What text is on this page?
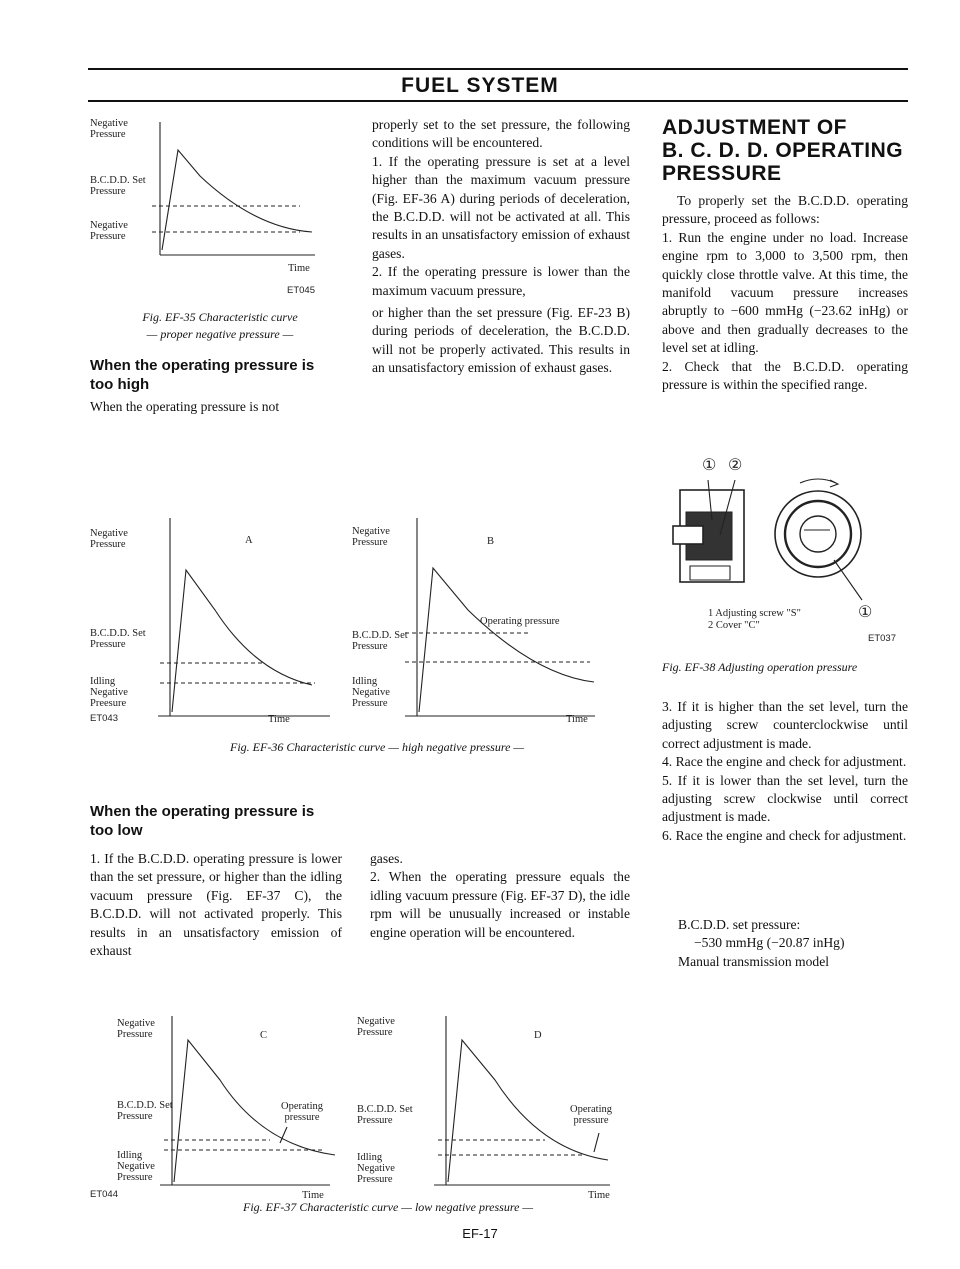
FUEL SYSTEM
Negative Pressure
B.C.D.D. Set Pressure
Negative Pressure
Time
ET045
Fig. EF-35 Characteristic curve
— proper negative pressure —
When the operating pressure is too high
When the operating pressure is not

properly set to the set pressure, the following conditions will be encountered.

1. If the operating pressure is set at a level higher than the maximum vacuum pressure (Fig. EF-36 A) during periods of deceleration, the B.C.D.D. will not be activated at all. This results in an unsatisfactory emission of exhaust gases.

2. If the operating pressure is lower than the maximum vacuum pressure,

or higher than the set pressure (Fig. EF-23 B) during periods of deceleration, the B.C.D.D. will not be properly activated. This results in an unsatisfactory emission of exhaust gases.

A
Negative Pressure
B.C.D.D. Set Pressure
Idling Negative Preesure
ET043	Time
B
Negative Pressure
B.C.D.D. Set Pressure
Idling Negative Pressure
Operating pressure
Time
Fig. EF-36 Characteristic curve — high negative pressure —
When the operating pressure is too low
1. If the B.C.D.D. operating pressure is lower than the set pressure, or higher than the idling vacuum pressure (Fig. EF-37 C), the B.C.D.D. will not activated properly. This results in an unsatisfactory emission of exhaust

gases.

2. When the operating pressure equals the idling vacuum pressure (Fig. EF-37 D), the idle rpm will be unusually increased or instable engine operation will be encountered.

C
Negative Pressure
B.C.D.D. Set Pressure
Idling Negative Pressure
Operating pressure
ET044	Time
D
Negative Pressure
B.C.D.D. Set Pressure
Idling Negative Pressure
Operating pressure
Time
Fig. EF-37 Characteristic curve — low negative pressure —
ADJUSTMENT OF
B. C. D. D. OPERATING
PRESSURE

To properly set the B.C.D.D. operating pressure, proceed as follows:

1. Run the engine under no load. Increase engine rpm to 3,000 to 3,500 rpm, then quickly close throttle valve. At this time, the manifold vacuum pressure increases abruptly to −600 mmHg (−23.62 inHg) or above and then gradually decreases to the level set at idling.

2. Check that the B.C.D.D. operating pressure is within the specified range.

① ②
①
1 Adjusting screw "S"
2 Cover "C"
ET037
Fig. EF-38 Adjusting operation pressure

3. If it is higher than the set level, turn the adjusting screw counterclockwise until correct adjustment is made.

4. Race the engine and check for adjustment.

5. If it is lower than the set level, turn the adjusting screw clockwise until correct adjustment is made.

6. Race the engine and check for adjustment.

B.C.D.D. set pressure:
−530 mmHg (−20.87 inHg)
Manual transmission model
EF-17
